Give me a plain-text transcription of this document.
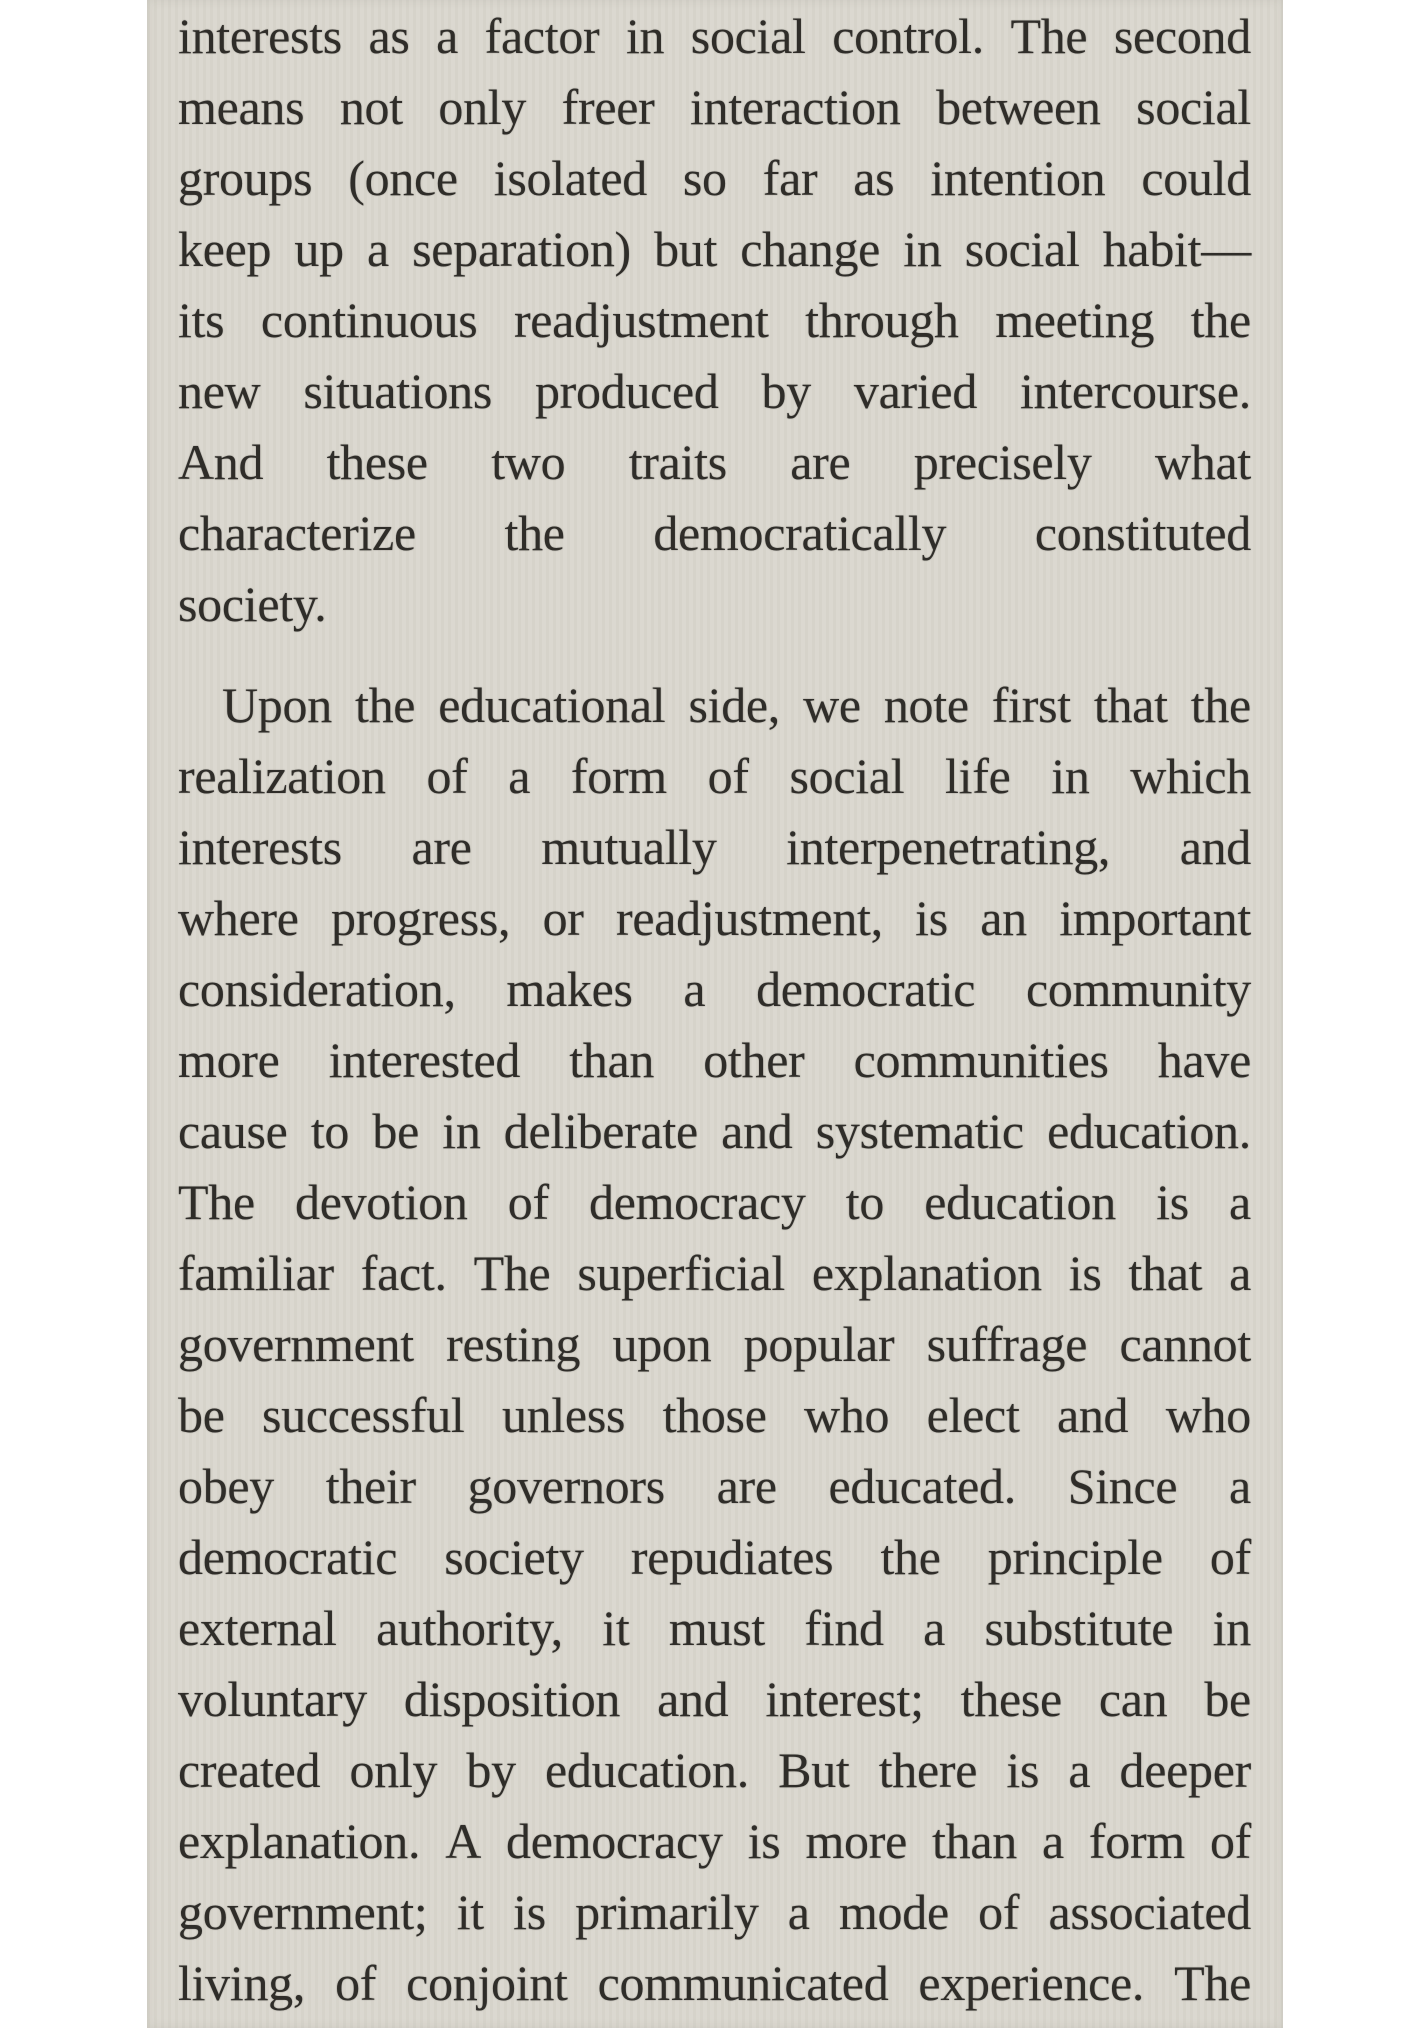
interests as a factor in social control. The second
means not only freer interaction between social
groups (once isolated so far as intention could
keep up a separation) but change in social habit—
its continuous readjustment through meeting the
new situations produced by varied intercourse.
And these two traits are precisely what
characterize the democratically constituted
society.
Upon the educational side, we note first that the
realization of a form of social life in which
interests are mutually interpenetrating, and
where progress, or readjustment, is an important
consideration, makes a democratic community
more interested than other communities have
cause to be in deliberate and systematic education.
The devotion of democracy to education is a
familiar fact. The superficial explanation is that a
government resting upon popular suffrage cannot
be successful unless those who elect and who
obey their governors are educated. Since a
democratic society repudiates the principle of
external authority, it must find a substitute in
voluntary disposition and interest; these can be
created only by education. But there is a deeper
explanation. A democracy is more than a form of
government; it is primarily a mode of associated
living, of conjoint communicated experience. The
